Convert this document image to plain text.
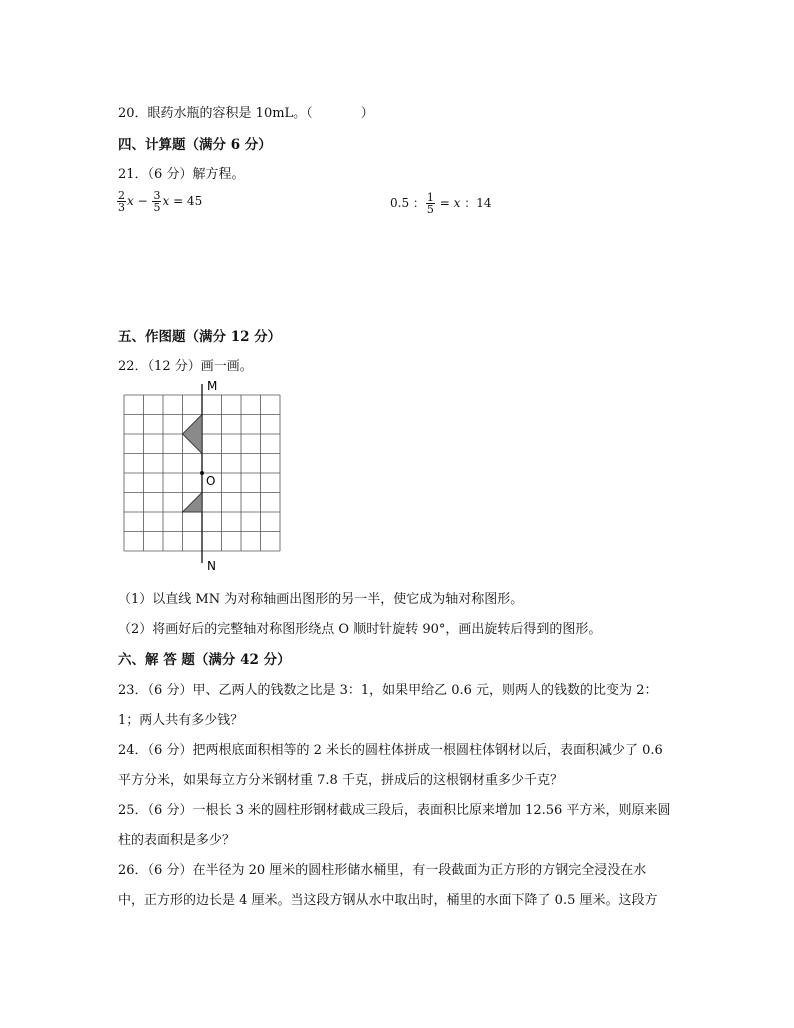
20．眼药水瓶的容积是 10mL。（	）
四、计算题（满分 6 分）
21．（6 分）解方程。
$\frac{2}{3}$ $x - \frac{3}{5}$ x = 45	0.5 ： $\frac{1}{5} = x$ ：14
五、作图题（满分 12 分）
22．（12 分）画一画。
M
O
N
（1）以直线 MN 为对称轴画出图形的另一半，使它成为轴对称图形。
（2）将画好后的完整轴对称图形绕点 O 顺时针旋转 90°，画出旋转后得到的图形。
六、解 答 题（满分 42 分）
23．（6 分）甲、乙两人的钱数之比是 3：1，如果甲给乙 0.6 元，则两人的钱数的比变为 2：
1；两人共有多少钱？
24．（6 分）把两根底面积相等的 2 米长的圆柱体拼成一根圆柱体钢材以后，表面积减少了 0.6
平方分米，如果每立方分米钢材重 7.8 千克，拼成后的这根钢材重多少千克？
25．（6 分）一根长 3 米的圆柱形钢材截成三段后，表面积比原来增加 12.56 平方米，则原来圆
柱的表面积是多少？
26．（6 分）在半径为 20 厘米的圆柱形储水桶里，有一段截面为正方形的方钢完全浸没在水
中，正方形的边长是 4 厘米。当这段方钢从水中取出时，桶里的水面下降了 0.5 厘米。这段方
